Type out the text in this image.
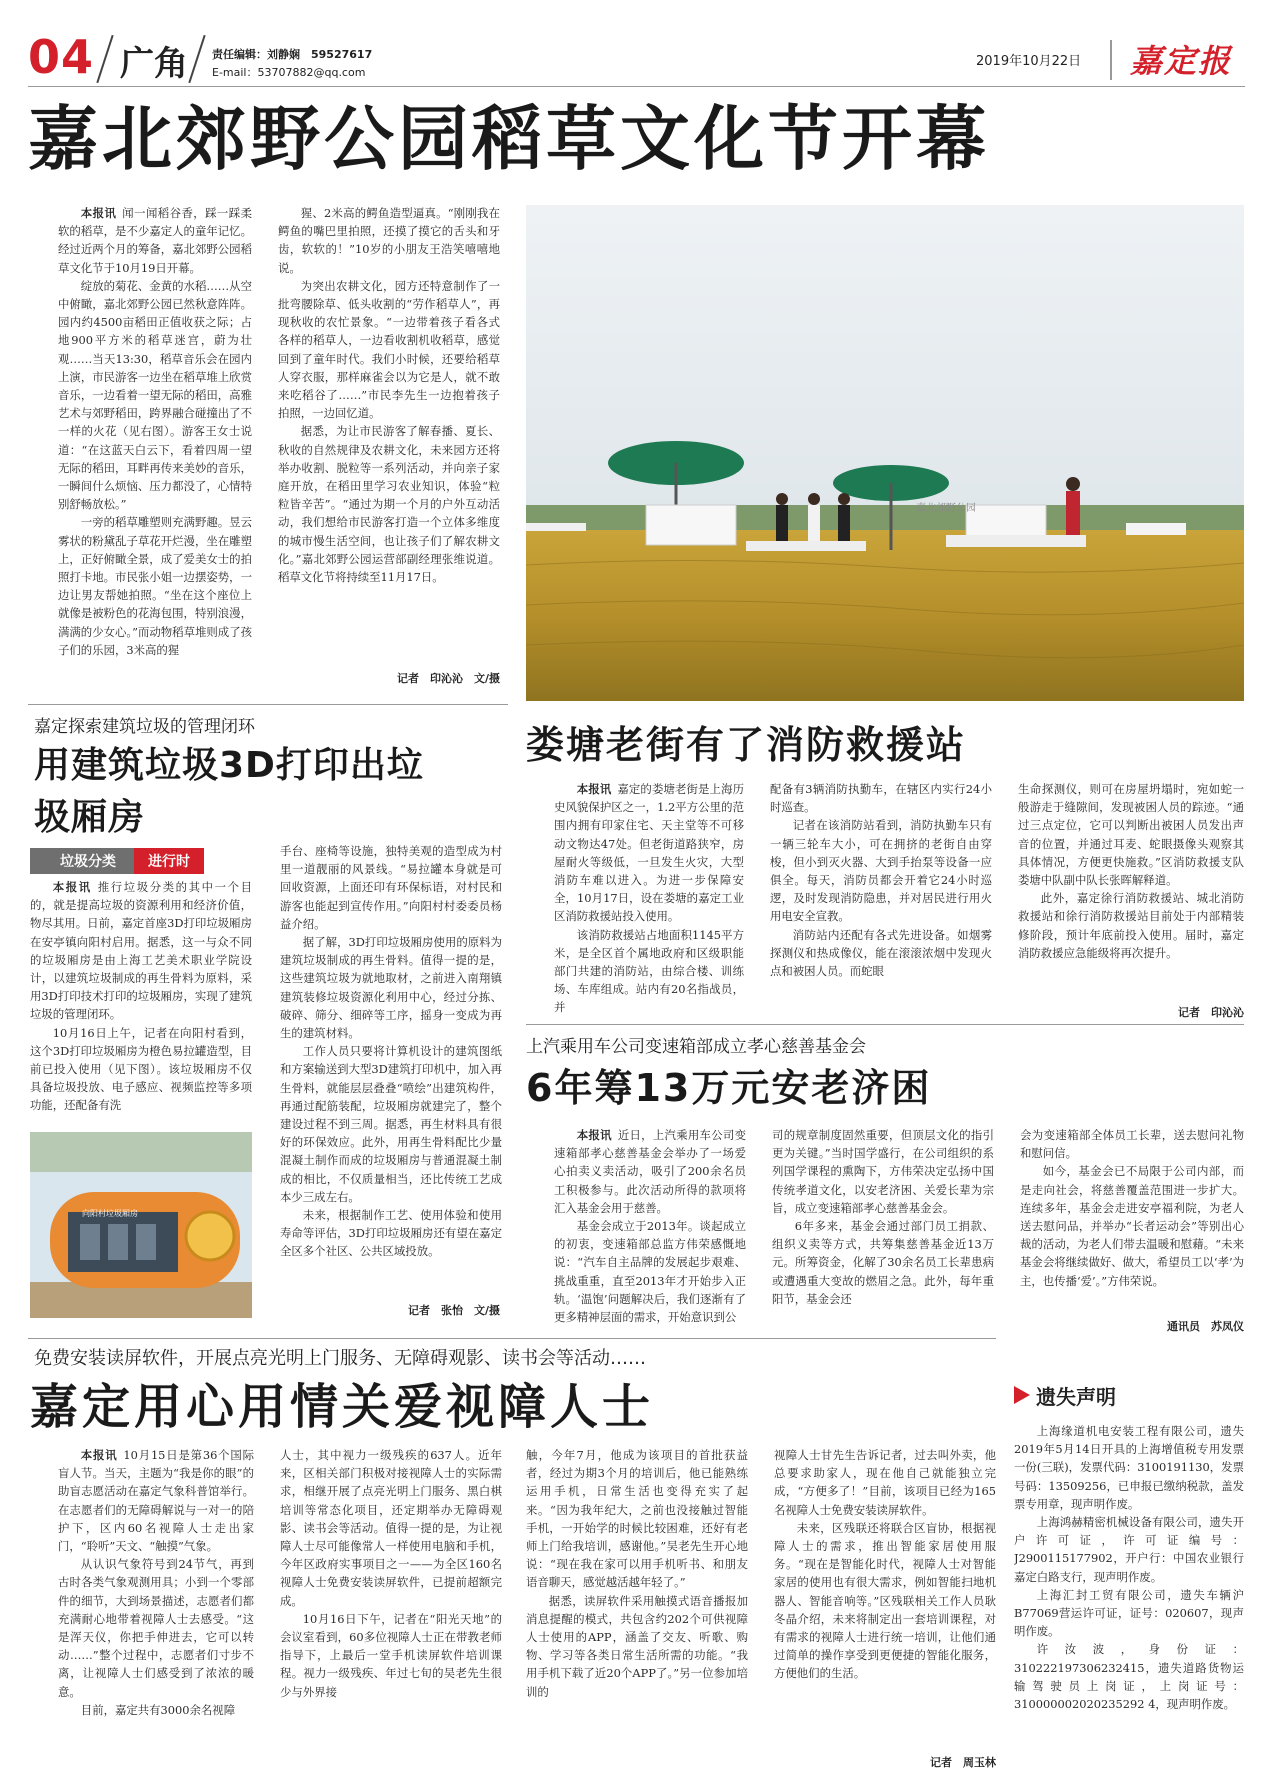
04 广角 责任编辑：刘静娴　59527617
E-mail：53707882@qq.com
2019年10月22日 嘉定报
嘉北郊野公园稻草文化节开幕

本报讯 闻一闻稻谷香，踩一踩柔软的稻草，是不少嘉定人的童年记忆。经过近两个月的筹备，嘉北郊野公园稻草文化节于10月19日开幕。

绽放的菊花、金黄的水稻……从空中俯瞰，嘉北郊野公园已然秋意阵阵。园内约4500亩稻田正值收获之际；占地900平方米的稻草迷宫，蔚为壮观……当天13:30，稻草音乐会在园内上演，市民游客一边坐在稻草堆上欣赏音乐，一边看着一望无际的稻田，高雅艺术与郊野稻田，跨界融合碰撞出了不一样的火花（见右图）。游客王女士说道：“在这蓝天白云下，看着四周一望无际的稻田，耳畔再传来美妙的音乐，一瞬间什么烦恼、压力都没了，心情特别舒畅放松。”

一旁的稻草雕塑则充满野趣。昱云雾状的粉黛乱子草花开烂漫，坐在雕塑上，正好俯瞰全景，成了爱美女士的拍照打卡地。市民张小姐一边摆姿势，一边让男友帮她拍照。“坐在这个座位上就像是被粉色的花海包围，特别浪漫，满满的少女心。”而动物稻草堆则成了孩子们的乐园，3米高的猩

猩、2米高的鳄鱼造型逼真。“刚刚我在鳄鱼的嘴巴里拍照，还摸了摸它的舌头和牙齿，软软的！”10岁的小朋友王浩笑嘻嘻地说。

为突出农耕文化，园方还特意制作了一批弯腰除草、低头收割的“劳作稻草人”，再现秋收的农忙景象。“一边带着孩子看各式各样的稻草人，一边看收割机收稻草，感觉回到了童年时代。我们小时候，还要给稻草人穿衣服，那样麻雀会以为它是人，就不敢来吃稻谷了……”市民李先生一边抱着孩子拍照，一边回忆道。

据悉，为让市民游客了解春播、夏长、秋收的自然规律及农耕文化，未来园方还将举办收割、脱粒等一系列活动，并向亲子家庭开放，在稻田里学习农业知识，体验“粒粒皆辛苦”。“通过为期一个月的户外互动活动，我们想给市民游客打造一个立体多维度的城市慢生活空间，也让孩子们了解农耕文化。”嘉北郊野公园运营部副经理张维说道。稻草文化节将持续至11月17日。

记者　印沁沁　文/摄
嘉北郊野公园
嘉定探索建筑垃圾的管理闭环
用建筑垃圾3D打印出垃圾厢房
垃圾分类	进行时

本报讯 推行垃圾分类的其中一个目的，就是提高垃圾的资源利用和经济价值，物尽其用。日前，嘉定首座3D打印垃圾厢房在安亭镇向阳村启用。据悉，这一与众不同的垃圾厢房是由上海工艺美术职业学院设计，以建筑垃圾制成的再生骨料为原料，采用3D打印技术打印的垃圾厢房，实现了建筑垃圾的管理闭环。

10月16日上午，记者在向阳村看到，这个3D打印垃圾厢房为橙色易拉罐造型，目前已投入使用（见下图）。该垃圾厢房不仅具备垃圾投放、电子感应、视频监控等多项功能，还配备有洗

向阳村垃圾厢房

手台、座椅等设施，独特美观的造型成为村里一道靓丽的风景线。“易拉罐本身就是可回收资源，上面还印有环保标语，对村民和游客也能起到宣传作用。”向阳村村委委员杨益介绍。

据了解，3D打印垃圾厢房使用的原料为建筑垃圾制成的再生骨料。值得一提的是，这些建筑垃圾为就地取材，之前进入南翔镇建筑装修垃圾资源化利用中心，经过分拣、破碎、筛分、细碎等工序，摇身一变成为再生的建筑材料。

工作人员只要将计算机设计的建筑图纸和方案输送到大型3D建筑打印机中，加入再生骨料，就能层层叠叠“喷绘”出建筑构件，再通过配筋装配，垃圾厢房就建完了，整个建设过程不到三周。据悉，再生材料具有很好的环保效应。此外，用再生骨料配比少量混凝土制作而成的垃圾厢房与普通混凝土制成的相比，不仅质量相当，还比传统工艺成本少三成左右。

未来，根据制作工艺、使用体验和使用寿命等评估，3D打印垃圾厢房还有望在嘉定全区多个社区、公共区域投放。

记者　张怡　文/摄
娄塘老街有了消防救援站

本报讯 嘉定的娄塘老街是上海历史风貌保护区之一，1.2平方公里的范围内拥有印家住宅、天主堂等不可移动文物达47处。但老街道路狭窄，房屋耐火等级低，一旦发生火灾，大型消防车难以进入。为进一步保障安全，10月17日，设在娄塘的嘉定工业区消防救援站投入使用。

该消防救援站占地面积1145平方米，是全区首个属地政府和区级职能部门共建的消防站，由综合楼、训练场、车库组成。站内有20名指战员，并

配备有3辆消防执勤车，在辖区内实行24小时巡查。

记者在该消防站看到，消防执勤车只有一辆三轮车大小，可在拥挤的老街自由穿梭，但小到灭火器、大到手抬泵等设备一应俱全。每天，消防员都会开着它24小时巡逻，及时发现消防隐患，并对居民进行用火用电安全宣教。

消防站内还配有各式先进设备。如烟雾探测仪和热成像仪，能在滚滚浓烟中发现火点和被困人员。而蛇眼

生命探测仪，则可在房屋坍塌时，宛如蛇一般游走于缝隙间，发现被困人员的踪迹。“通过三点定位，它可以判断出被困人员发出声音的位置，并通过耳麦、蛇眼摄像头观察其具体情况，方便更快施救。”区消防救援支队娄塘中队副中队长张晖解释道。

此外，嘉定徐行消防救援站、城北消防救援站和徐行消防救援站目前处于内部精装修阶段，预计年底前投入使用。届时，嘉定消防救援应急能级将再次提升。

记者　印沁沁
上汽乘用车公司变速箱部成立孝心慈善基金会
6年筹13万元安老济困

本报讯 近日，上汽乘用车公司变速箱部孝心慈善基金会举办了一场爱心拍卖义卖活动，吸引了200余名员工积极参与。此次活动所得的款项将汇入基金会用于慈善。

基金会成立于2013年。谈起成立的初衷，变速箱部总监方伟荣感慨地说：“汽车自主品牌的发展起步艰难、挑战重重，直至2013年才开始步入正轨。‘温饱’问题解决后，我们逐渐有了更多精神层面的需求，开始意识到公

司的规章制度固然重要，但顶层文化的指引更为关键。”当时国学盛行，在公司组织的系列国学课程的熏陶下，方伟荣决定弘扬中国传统孝道文化，以安老济困、关爱长辈为宗旨，成立变速箱部孝心慈善基金会。

6年多来，基金会通过部门员工捐款、组织义卖等方式，共筹集慈善基金近13万元。所筹资金，化解了30余名员工长辈患病或遭遇重大变故的燃眉之急。此外，每年重阳节，基金会还

会为变速箱部全体员工长辈，送去慰问礼物和慰问信。

如今，基金会已不局限于公司内部，而是走向社会，将慈善覆盖范围进一步扩大。连续多年，基金会走进安亭福利院，为老人送去慰问品，并举办“长者运动会”等别出心裁的活动，为老人们带去温暖和慰藉。“未来基金会将继续做好、做大，希望员工以‘孝’为主，也传播‘爱’。”方伟荣说。

通讯员　苏凤仪
免费安装读屏软件，开展点亮光明上门服务、无障碍观影、读书会等活动……
嘉定用心用情关爱视障人士

本报讯 10月15日是第36个国际盲人节。当天，主题为“我是你的眼”的助盲志愿活动在嘉定气象科普馆举行。在志愿者们的无障碍解说与一对一的陪护下，区内60名视障人士走出家门，“聆听”天文、“触摸”气象。

从认识气象符号到24节气，再到古时各类气象观测用具；小到一个零部件的细节，大到场景描述，志愿者们都充满耐心地带着视障人士去感受。“这是浑天仪，你把手伸进去，它可以转动……”整个过程中，志愿者们寸步不离，让视障人士们感受到了浓浓的暖意。

目前，嘉定共有3000余名视障

人士，其中视力一级残疾的637人。近年来，区相关部门积极对接视障人士的实际需求，相继开展了点亮光明上门服务、黑白棋培训等常态化项目，还定期举办无障碍观影、读书会等活动。值得一提的是，为让视障人士尽可能像常人一样使用电脑和手机，今年区政府实事项目之一——为全区160名视障人士免费安装读屏软件，已提前超额完成。

10月16日下午，记者在“阳光天地”的会议室看到，60多位视障人士正在带教老师指导下，上最后一堂手机读屏软件培训课程。视力一级残疾、年过七旬的吴老先生很少与外界接

触，今年7月，他成为该项目的首批获益者，经过为期3个月的培训后，他已能熟练运用手机，日常生活也变得充实了起来。“因为我年纪大，之前也没接触过智能手机，一开始学的时候比较困难，还好有老师上门给我培训，感谢他。”吴老先生开心地说：“现在我在家可以用手机听书、和朋友语音聊天，感觉越活越年轻了。”

据悉，读屏软件采用触摸式语音播报加消息提醒的模式，共包含约202个可供视障人士使用的APP，涵盖了交友、听歌、购物、学习等各类日常生活所需的功能。“我用手机下载了近20个APP了。”另一位参加培训的

视障人士甘先生告诉记者，过去叫外卖，他总要求助家人，现在他自己就能独立完成，“方便多了！”目前，该项目已经为165名视障人士免费安装读屏软件。

未来，区残联还将联合区盲协，根据视障人士的需求，推出智能家居使用服务。“现在是智能化时代，视障人士对智能家居的使用也有很大需求，例如智能扫地机器人、智能音响等。”区残联相关工作人员耿冬晶介绍，未来将制定出一套培训课程，对有需求的视障人士进行统一培训，让他们通过简单的操作享受到更便捷的智能化服务，方便他们的生活。

记者　周玉林
遗失声明

上海缘道机电安装工程有限公司，遗失2019年5月14日开具的上海增值税专用发票一份(三联)，发票代码：3100191130，发票号码：13509256，已申报已缴纳税款，盖发票专用章，现声明作废。

上海鸿赫精密机械设备有限公司，遗失开户许可证，许可证编号：J2900115177902，开户行：中国农业银行嘉定白路支行，现声明作废。

上海汇封工贸有限公司，遗失车辆沪B77069营运许可证，证号：020607，现声明作废。

许汝波，身份证：310222197306232415，遗失道路货物运输驾驶员上岗证，上岗证号：310000002020235292 4，现声明作废。
